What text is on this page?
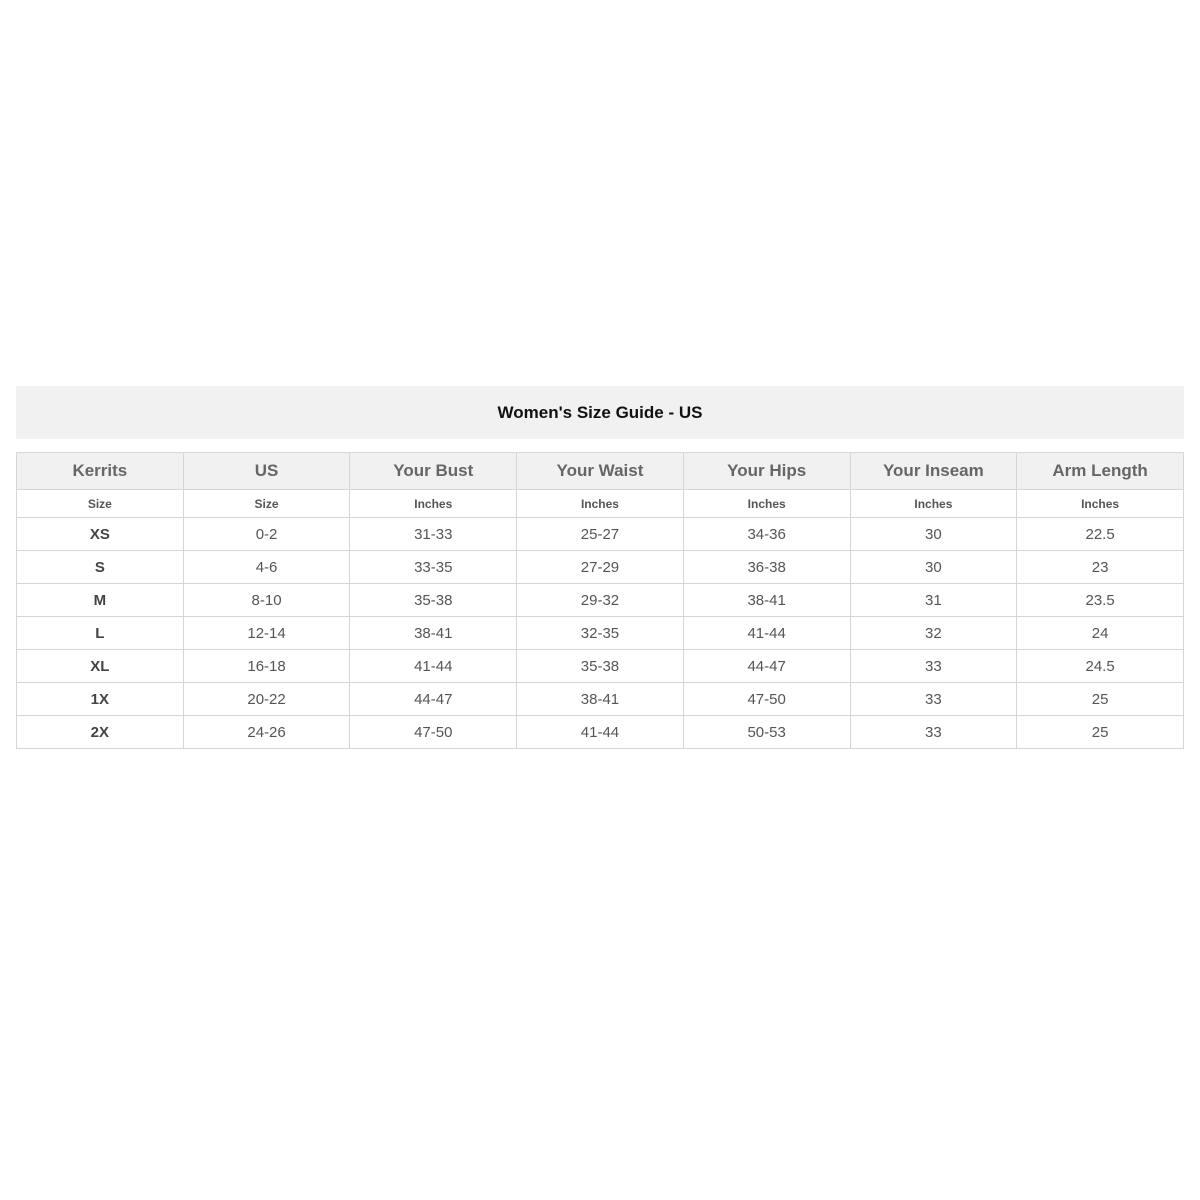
Women's Size Guide - US
Kerrits	US	Your Bust	Your Waist	Your Hips	Your Inseam	Arm Length
Size	Size	Inches	Inches	Inches	Inches	Inches
XS	0-2	31-33	25-27	34-36	30	22.5
S	4-6	33-35	27-29	36-38	30	23
M	8-10	35-38	29-32	38-41	31	23.5
L	12-14	38-41	32-35	41-44	32	24
XL	16-18	41-44	35-38	44-47	33	24.5
1X	20-22	44-47	38-41	47-50	33	25
2X	24-26	47-50	41-44	50-53	33	25
